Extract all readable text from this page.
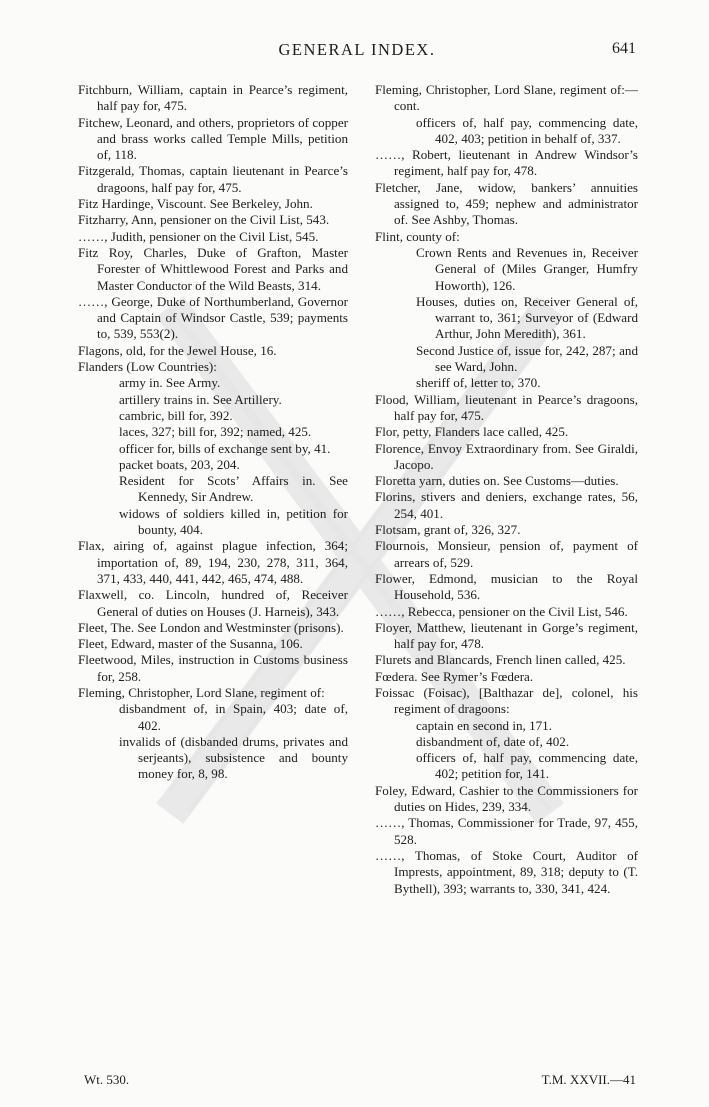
GENERAL INDEX.	641

Fitchburn, William, captain in Pearce’s regiment, half pay for, 475.

Fitchew, Leonard, and others, proprietors of copper and brass works called Temple Mills, petition of, 118.

Fitzgerald, Thomas, captain lieutenant in Pearce’s dragoons, half pay for, 475.

Fitz Hardinge, Viscount. See Berkeley, John.

Fitzharry, Ann, pensioner on the Civil List, 543.

……, Judith, pensioner on the Civil List, 545.

Fitz Roy, Charles, Duke of Grafton, Master Forester of Whittlewood Forest and Parks and Master Conductor of the Wild Beasts, 314.

……, George, Duke of Northumberland, Governor and Captain of Windsor Castle, 539; payments to, 539, 553(2).

Flagons, old, for the Jewel House, 16.

Flanders (Low Countries):

army in. See Army.

artillery trains in. See Artillery.

cambric, bill for, 392.

laces, 327; bill for, 392; named, 425.

officer for, bills of exchange sent by, 41.

packet boats, 203, 204.

Resident for Scots’ Affairs in. See Kennedy, Sir Andrew.

widows of soldiers killed in, petition for bounty, 404.

Flax, airing of, against plague infection, 364; importation of, 89, 194, 230, 278, 311, 364, 371, 433, 440, 441, 442, 465, 474, 488.

Flaxwell, co. Lincoln, hundred of, Receiver General of duties on Houses (J. Harneis), 343.

Fleet, The. See London and Westminster (prisons).

Fleet, Edward, master of the Susanna, 106.

Fleetwood, Miles, instruction in Customs business for, 258.

Fleming, Christopher, Lord Slane, regiment of:

disbandment of, in Spain, 403; date of, 402.

invalids of (disbanded drums, privates and serjeants), subsistence and bounty money for, 8, 98.

Fleming, Christopher, Lord Slane, regiment of:—cont.

officers of, half pay, commencing date, 402, 403; petition in behalf of, 337.

……, Robert, lieutenant in Andrew Windsor’s regiment, half pay for, 478.

Fletcher, Jane, widow, bankers’ annuities assigned to, 459; nephew and administrator of. See Ashby, Thomas.

Flint, county of:

Crown Rents and Revenues in, Receiver General of (Miles Granger, Humfry Howorth), 126.

Houses, duties on, Receiver General of, warrant to, 361; Surveyor of (Edward Arthur, John Meredith), 361.

Second Justice of, issue for, 242, 287; and see Ward, John.

sheriff of, letter to, 370.

Flood, William, lieutenant in Pearce’s dragoons, half pay for, 475.

Flor, petty, Flanders lace called, 425.

Florence, Envoy Extraordinary from. See Giraldi, Jacopo.

Floretta yarn, duties on. See Customs—duties.

Florins, stivers and deniers, exchange rates, 56, 254, 401.

Flotsam, grant of, 326, 327.

Flournois, Monsieur, pension of, payment of arrears of, 529.

Flower, Edmond, musician to the Royal Household, 536.

……, Rebecca, pensioner on the Civil List, 546.

Floyer, Matthew, lieutenant in Gorge’s regiment, half pay for, 478.

Flurets and Blancards, French linen called, 425.

Fœdera. See Rymer’s Fœdera.

Foissac (Foisac), [Balthazar de], colonel, his regiment of dragoons:

captain en second in, 171.

disbandment of, date of, 402.

officers of, half pay, commencing date, 402; petition for, 141.

Foley, Edward, Cashier to the Commissioners for duties on Hides, 239, 334.

……, Thomas, Commissioner for Trade, 97, 455, 528.

……, Thomas, of Stoke Court, Auditor of Imprests, appointment, 89, 318; deputy to (T. Bythell), 393; warrants to, 330, 341, 424.

Wt. 530.	T.M. XXVII.—41
